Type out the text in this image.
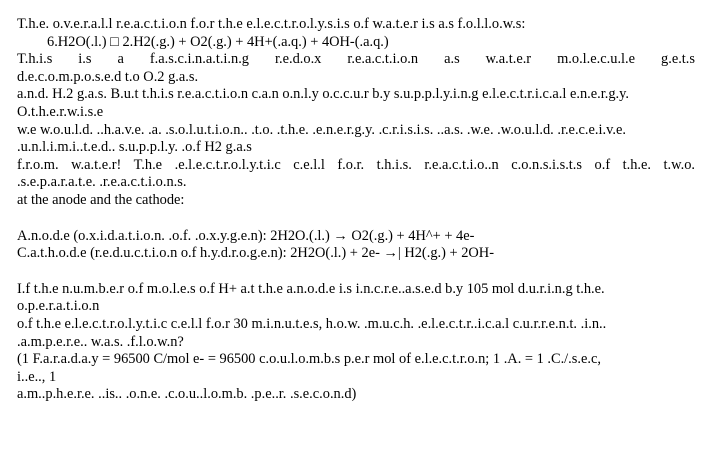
T.h.e. o.v.e.r.a.l.l r.e.a.c.t.i.o.n f.o.r t.h.e e.l.e.c.t.r.o.l.y.s.i.s o.f w.a.t.e.r i.s a.s f.o.l.l.o.w.s:
6.H2O(.l.) □ 2.H2(.g.) + O2(.g.) + 4H+(.a.q.) + 4OH-(.a.q.)
T.h.i.s i.s a f.a.s.c.i.n.a.t.i.n.g r.e.d.o.x r.e.a.c.t.i.o.n a.s w.a.t.e.r m.o.l.e.c.u.l.e g.e.t.s
d.e.c.o.m.p.o.s.e.d t.o O.2 g.a.s.
a.n.d. H.2 g.a.s. B.u.t t.h.i.s r.e.a.c.t.i.o.n c.a.n o.n.l.y o.c.c.u.r b.y s.u.p.p.l.y.i.n.g e.l.e.c.t.r.i.c.a.l e.n.e.r.g.y.
O.t.h.e.r.w.i.s.e
w.e w.o.u.l.d. ..h.a.v.e. .a. .s.o.l.u.t.i.o.n.. .t.o. .t.h.e. .e.n.e.r.g.y. .c.r.i.s.i.s. ..a.s. .w.e. .w.o.u.l.d. .r.e.c.e.i.v.e.
.u.n.l.i.m.i..t.e.d.. s.u.p.p.l.y. .o.f H2 g.a.s
f.r.o.m. w.a.t.e.r! T.h.e .e.l.e.c.t.r.o.l.y.t.i.c c.e.l.l f.o.r. t.h.i.s. r.e.a.c.t.i.o..n c.o.n.s.i.s.t.s o.f t.h.e. t.w.o.
.s.e.p.a.r.a.t.e. .r.e.a.c.t.i.o.n.s.
at the anode and the cathode:
A.n.o.d.e (o.x.i.d.a.t.i.o.n. .o.f. .o.x.y.g.e.n): 2H2O.(.l.) → O2(.g.) + 4H^+ + 4e-
C.a.t.h.o.d.e (r.e.d.u.c.t.i.o.n o.f h.y.d.r.o.g.e.n): 2H2O(.l.) + 2e- →| H2(.g.) + 2OH-
I.f t.h.e n.u.m.b.e.r o.f m.o.l.e.s o.f H+ a.t t.h.e a.n.o.d.e i.s i.n.c.r.e..a.s.e.d b.y 105 mol d.u.r.i.n.g t.h.e.
o.p.e.r.a.t.i.o.n
o.f t.h.e e.l.e.c.t.r.o.l.y.t.i.c c.e.l.l f.o.r 30 m.i.n.u.t.e.s, h.o.w. .m.u.c.h. .e.l.e.c.t.r..i.c.a.l c.u.r.r.e.n.t. .i.n..
.a.m.p.e.r.e.. w.a.s. .f.l.o.w.n?
(1 F.a.r.a.d.a.y = 96500 C/mol e- = 96500 c.o.u.l.o.m.b.s p.e.r mol of e.l.e.c.t.r.o.n; 1 .A. = 1 .C./.s.e.c,
i..e.., 1
a.m..p.h.e.r.e. ..is.. .o.n.e. .c.o.u..l.o.m.b. .p.e..r. .s.e.c.o.n.d)
